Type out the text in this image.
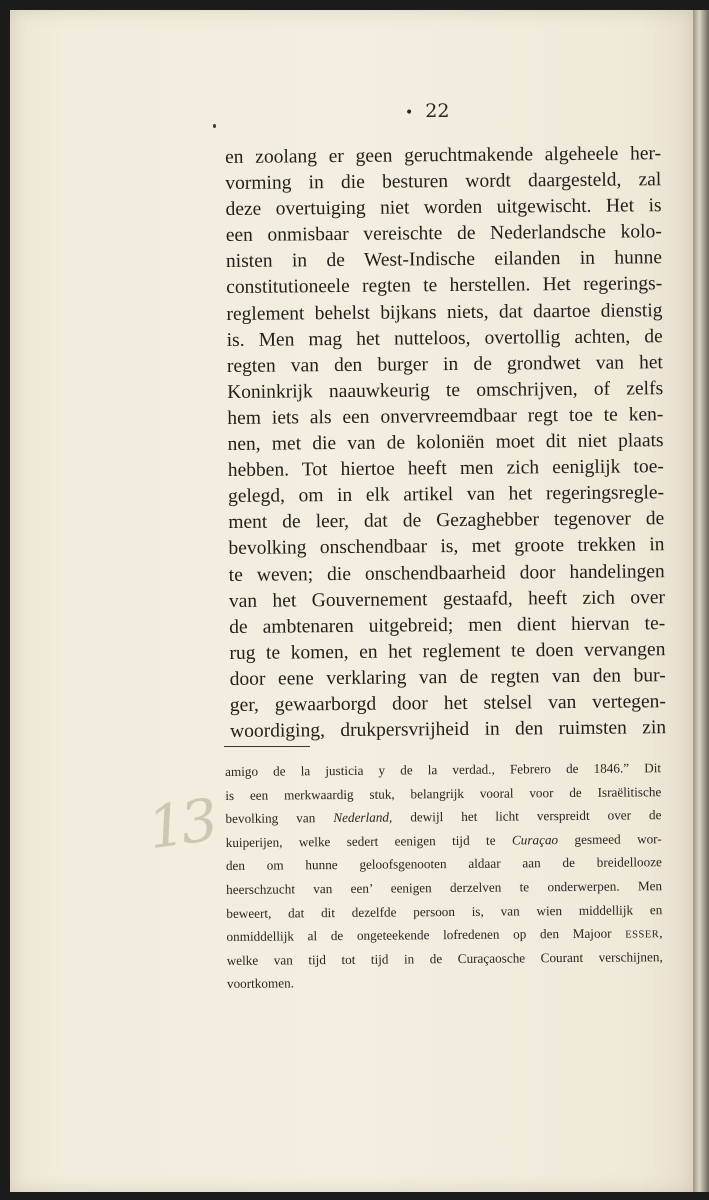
• 22
en zoolang er geen geruchtmakende algeheele her-
vorming in die besturen wordt daargesteld, zal
deze overtuiging niet worden uitgewischt. Het is
een onmisbaar vereischte de Nederlandsche kolo-
nisten in de West-Indische eilanden in hunne
constitutioneele regten te herstellen. Het regerings-
reglement behelst bijkans niets, dat daartoe dienstig
is. Men mag het nutteloos, overtollig achten, de
regten van den burger in de grondwet van het
Koninkrijk naauwkeurig te omschrijven, of zelfs
hem iets als een onvervreemdbaar regt toe te ken-
nen, met die van de koloniën moet dit niet plaats
hebben. Tot hiertoe heeft men zich eeniglijk toe-
gelegd, om in elk artikel van het regeringsregle-
ment de leer, dat de Gezaghebber tegenover de
bevolking onschendbaar is, met groote trekken in
te weven; die onschendbaarheid door handelingen
van het Gouvernement gestaafd, heeft zich over
de ambtenaren uitgebreid; men dient hiervan te-
rug te komen, en het reglement te doen vervangen
door eene verklaring van de regten van den bur-
ger, gewaarborgd door het stelsel van vertegen-
woordiging, drukpersvrijheid in den ruimsten zin
amigo de la justicia y de la verdad., Febrero de 1846.” Dit
is een merkwaardig stuk, belangrijk vooral voor de Israëlitische
bevolking van Nederland, dewijl het licht verspreidt over de
kuiperijen, welke sedert eenigen tijd te Curaçao gesmeed wor-
den om hunne geloofsgenooten aldaar aan de breidellooze
heerschzucht van een’ eenigen derzelven te onderwerpen. Men
beweert, dat dit dezelfde persoon is, van wien middellijk en
onmiddellijk al de ongeteekende lofredenen op den Majoor ESSER,
welke van tijd tot tijd in de Curaçaosche Courant verschijnen,
voortkomen.
13
